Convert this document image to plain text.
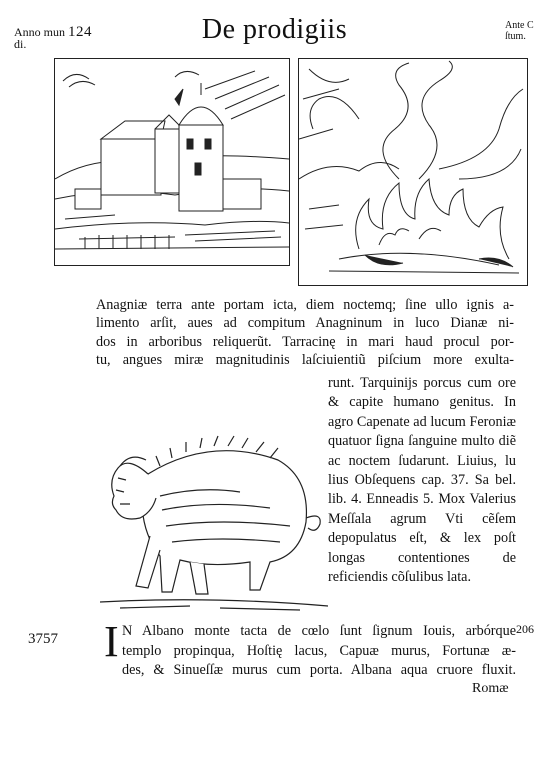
Anno mun 124
di.	De prodigiis	Ante C
ſtum.
Anagniæ terra ante portam icta, diem noctemq; ſine ullo ignis a-
limento arſit, aues ad compitum Anagninum in luco Dianæ ni-
dos in arboribus reliquerũt. Tarracinę in mari haud procul por-
tu, angues miræ magnitudinis laſciuientiũ piſcium more exulta-
runt. Tarquinijs porcus cum ore & capite humano genitus. In agro Capenate ad lucum Feroniæ quatuor ſigna ſanguine multo diẽ ac noctem ſudarunt. Liuius, lu lius Obſequens cap. 37. Sa bel. lib. 4. Enneadis 5. Mox Valerius Meſſala agrum Vti cẽſem depopulatus eſt, & lex poſt longas contentiones de reficiendis cõſulibus lata.
3757
206
I N Albano monte tacta de cœlo ſunt ſignum Iouis, arbórque
templo propinqua, Hoſtię lacus, Capuæ murus, Fortunæ æ-
des, & Sinueſſæ murus cum porta. Albana aqua cruore fluxit.
Romæ
